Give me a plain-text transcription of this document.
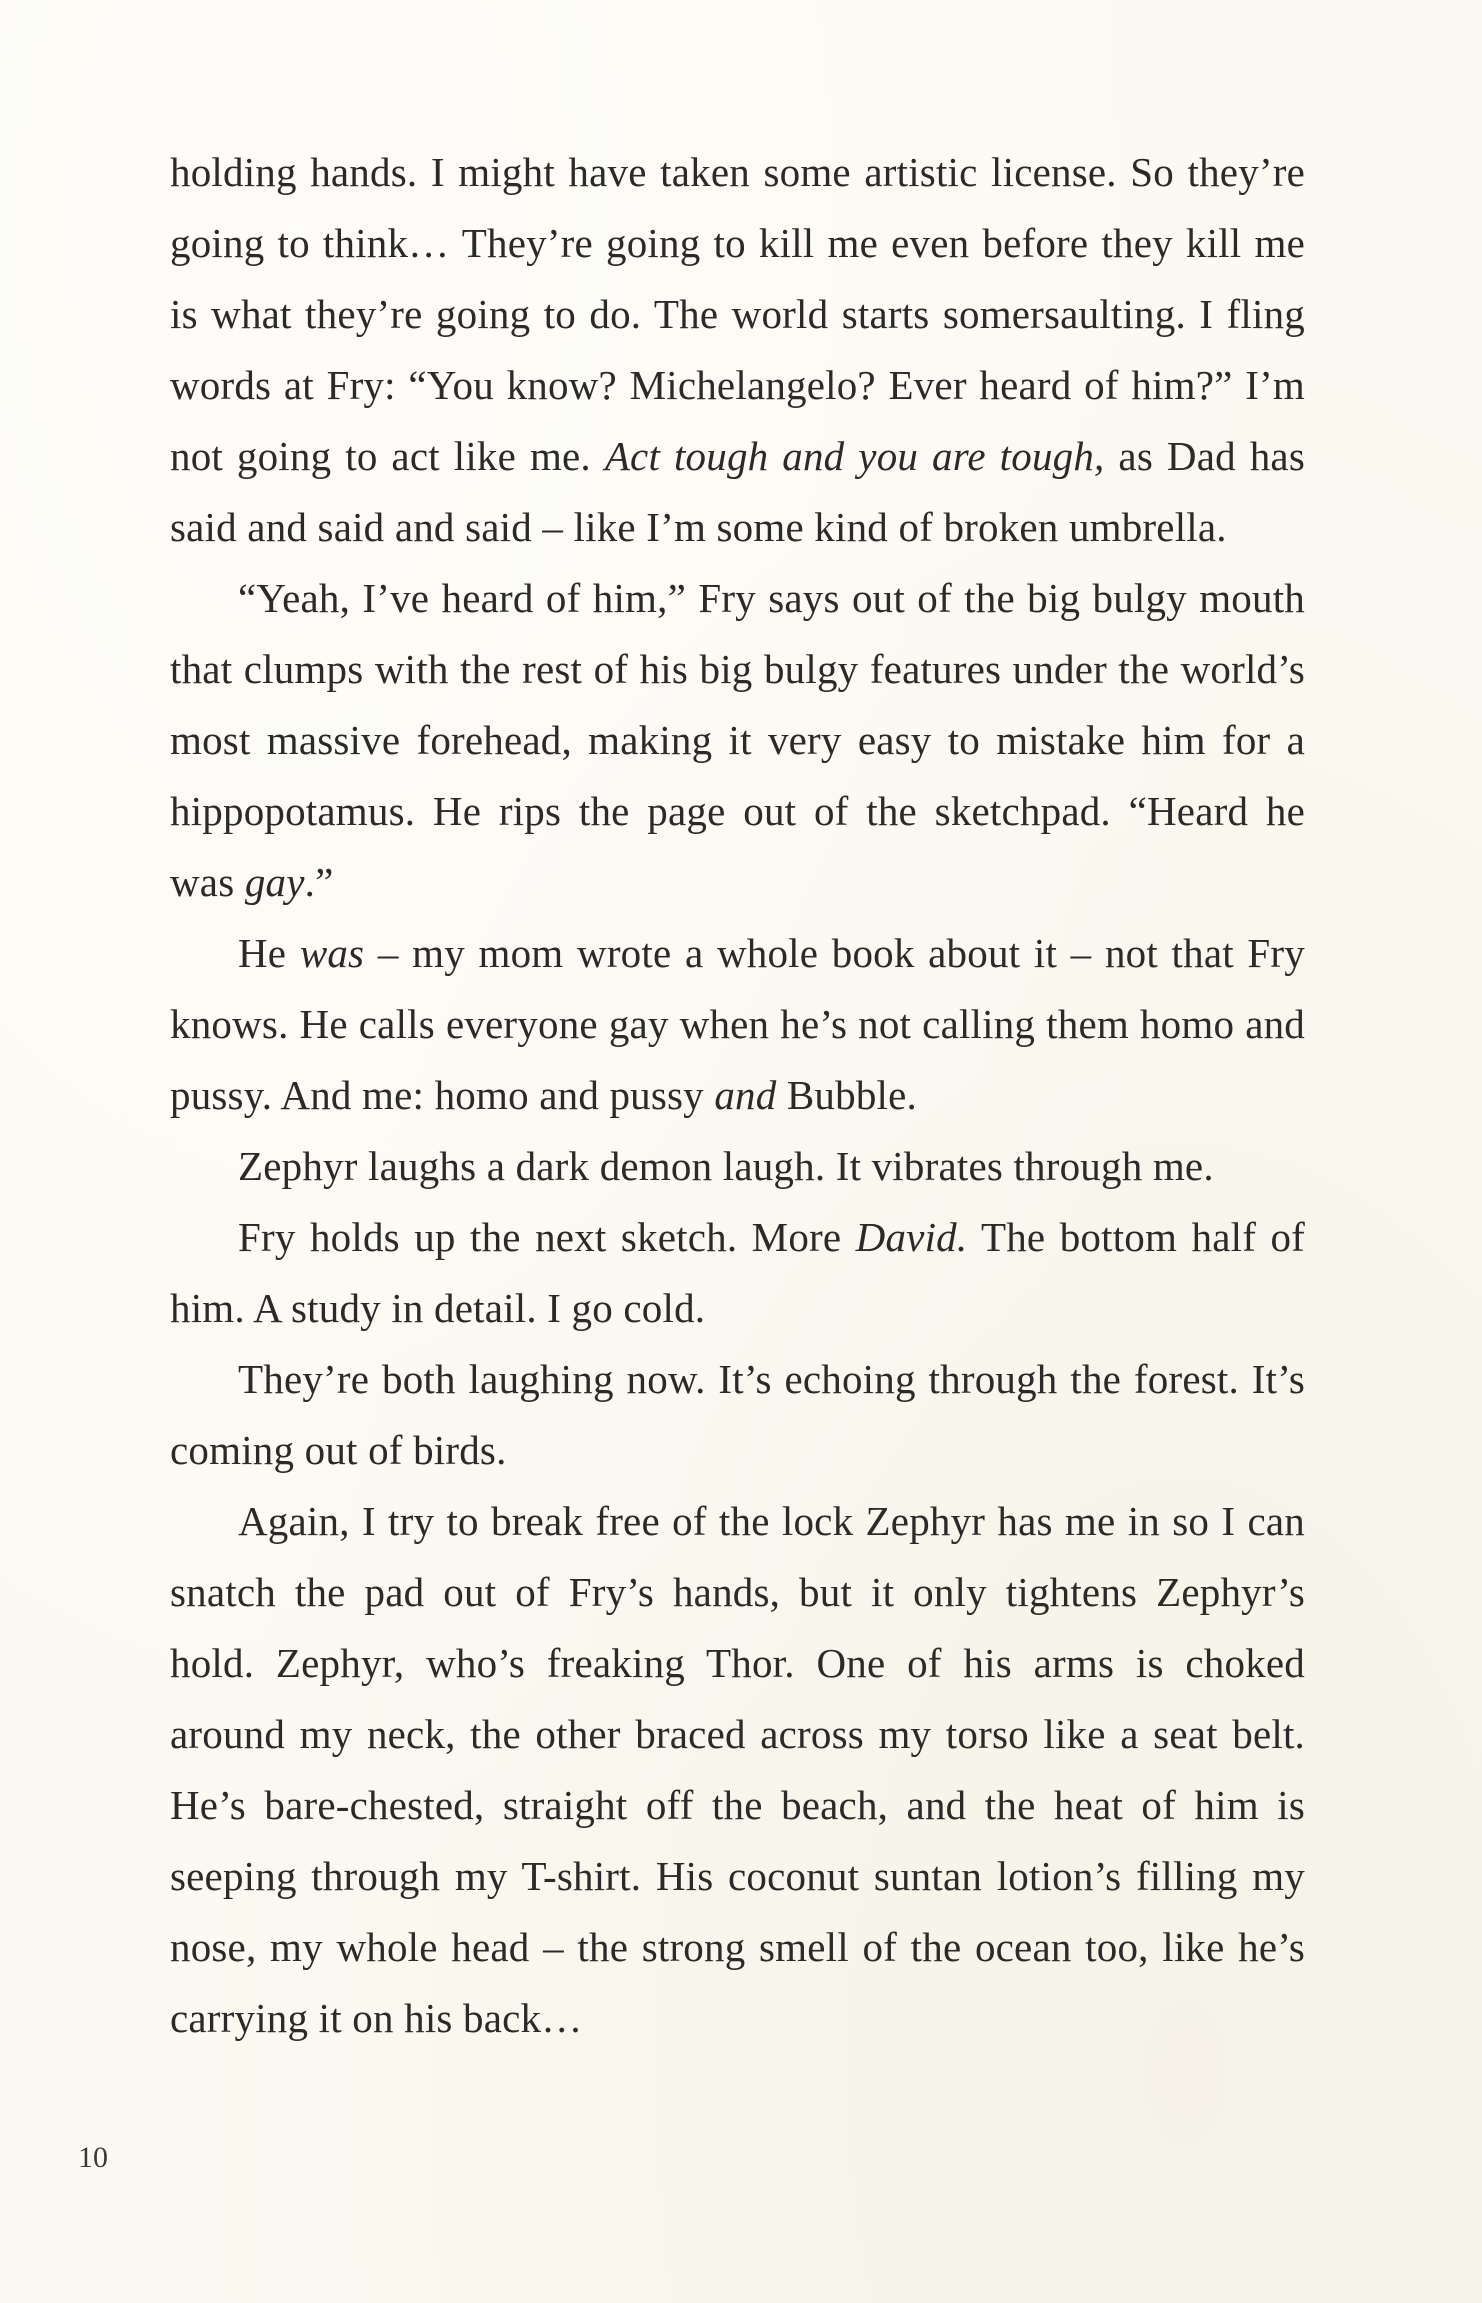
holding hands. I might have taken some artistic license. So they’re going to think… They’re going to kill me even before they kill me is what they’re going to do. The world starts somersaulting. I fling words at Fry: “You know? Michelangelo? Ever heard of him?” I’m not going to act like me. Act tough and you are tough, as Dad has said and said and said – like I’m some kind of broken umbrella.

“Yeah, I’ve heard of him,” Fry says out of the big bulgy mouth that clumps with the rest of his big bulgy features under the world’s most massive forehead, making it very easy to mistake him for a hippopotamus. He rips the page out of the sketchpad. “Heard he was gay.”

He was – my mom wrote a whole book about it – not that Fry knows. He calls everyone gay when he’s not calling them homo and pussy. And me: homo and pussy and Bubble.

Zephyr laughs a dark demon laugh. It vibrates through me.

Fry holds up the next sketch. More David. The bottom half of him. A study in detail. I go cold.

They’re both laughing now. It’s echoing through the forest. It’s coming out of birds.

Again, I try to break free of the lock Zephyr has me in so I can snatch the pad out of Fry’s hands, but it only tightens Zephyr’s hold. Zephyr, who’s freaking Thor. One of his arms is choked around my neck, the other braced across my torso like a seat belt. He’s bare-chested, straight off the beach, and the heat of him is seeping through my T-shirt. His coconut suntan lotion’s filling my nose, my whole head – the strong smell of the ocean too, like he’s carrying it on his back…

10
